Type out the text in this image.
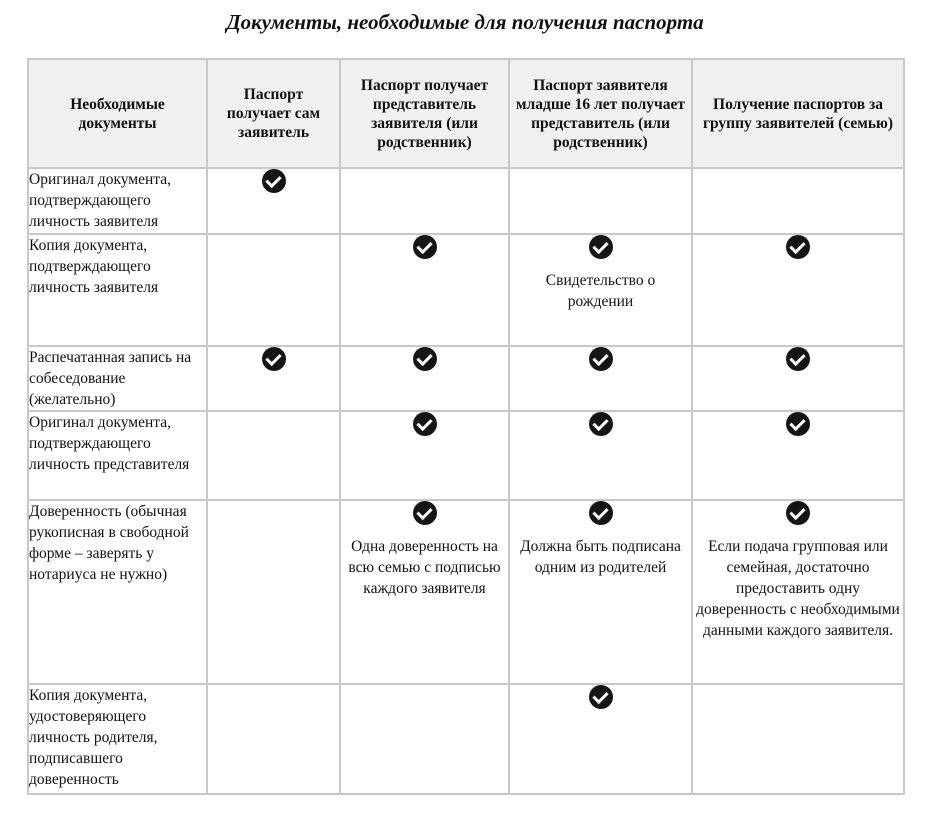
Документы, необходимые для получения паспорта
Необходимые документы	Паспорт получает сам заявитель	Паспорт получает представитель заявителя (или родственник)	Паспорт заявителя младше 16 лет получает представитель (или родственник)	Получение паспортов за группу заявителей (семью)
Оригинал документа, подтверждающего личность заявителя				
Копия документа, подтверждающего личность заявителя			Свидетельство о рождении	

Распечатанная запись на собеседование (желательно)				
Оригинал документа, подтверждающего личность представителя				
Доверенность (обычная рукописная в свободной форме – заверять у нотариуса не нужно)		Одна доверенность на всю семью с подписью каждого заявителя	Должна быть подписана одним из родителей	Если подача групповая или семейная, достаточно предоставить одну доверенность с необходимыми данными каждого заявителя.

Копия документа, удостоверяющего личность родителя, подписавшего доверенность				
